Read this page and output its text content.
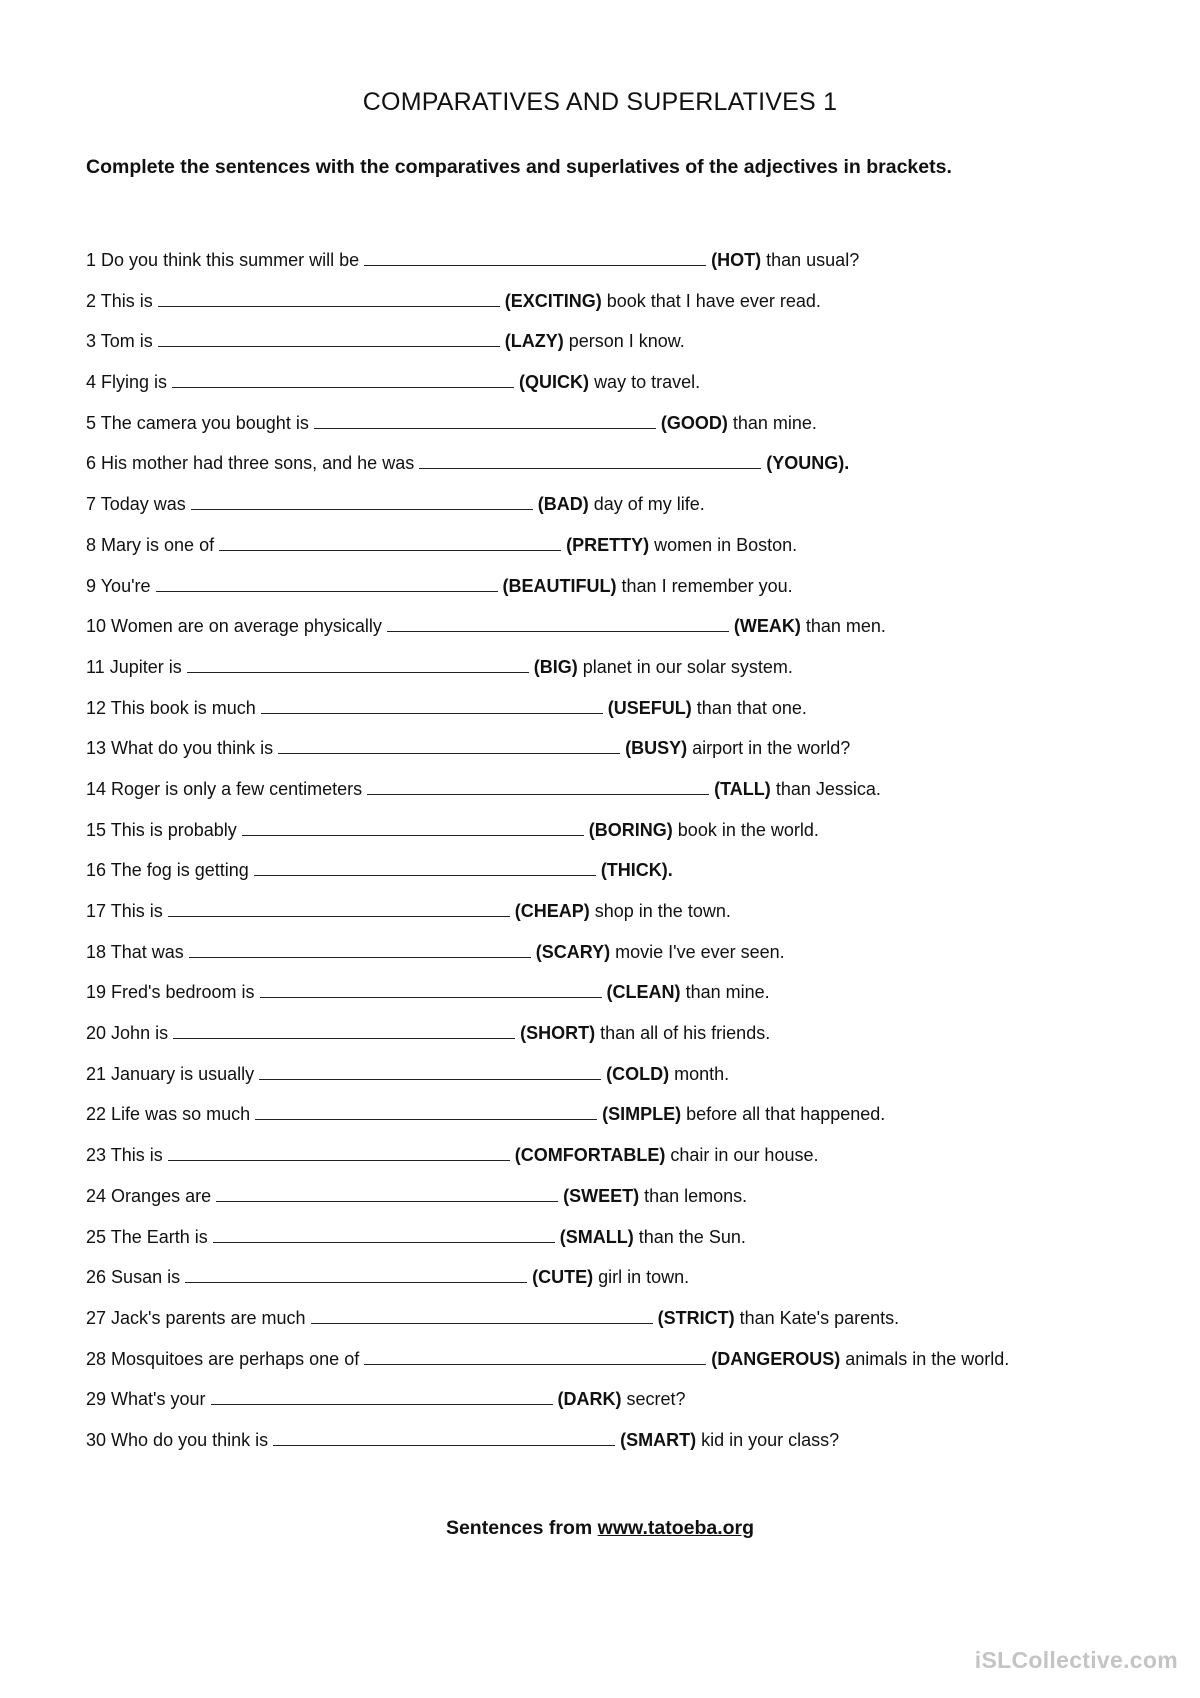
COMPARATIVES AND SUPERLATIVES 1
Complete the sentences with the comparatives and superlatives of the adjectives in brackets.
1 Do you think this summer will be	(HOT) than usual?
2 This is	(EXCITING) book that I have ever read.
3 Tom is	(LAZY) person I know.
4 Flying is	(QUICK) way to travel.
5 The camera you bought is	(GOOD) than mine.
6 His mother had three sons, and he was	(YOUNG).
7 Today was	(BAD) day of my life.
8 Mary is one of	(PRETTY) women in Boston.
9 You're	(BEAUTIFUL) than I remember you.
10 Women are on average physically	(WEAK) than men.
11 Jupiter is	(BIG) planet in our solar system.
12 This book is much	(USEFUL) than that one.
13 What do you think is	(BUSY) airport in the world?
14 Roger is only a few centimeters	(TALL) than Jessica.
15 This is probably	(BORING) book in the world.
16 The fog is getting	(THICK).
17 This is	(CHEAP) shop in the town.
18 That was	(SCARY) movie I've ever seen.
19 Fred's bedroom is	(CLEAN) than mine.
20 John is	(SHORT) than all of his friends.
21 January is usually	(COLD) month.
22 Life was so much	(SIMPLE) before all that happened.
23 This is	(COMFORTABLE) chair in our house.
24 Oranges are	(SWEET) than lemons.
25 The Earth is	(SMALL) than the Sun.
26 Susan is	(CUTE) girl in town.
27 Jack's parents are much	(STRICT) than Kate's parents.
28 Mosquitoes are perhaps one of	(DANGEROUS) animals in the world.
29 What's your	(DARK) secret?
30 Who do you think is	(SMART) kid in your class?
Sentences from www.tatoeba.org
iSLCollective.com
